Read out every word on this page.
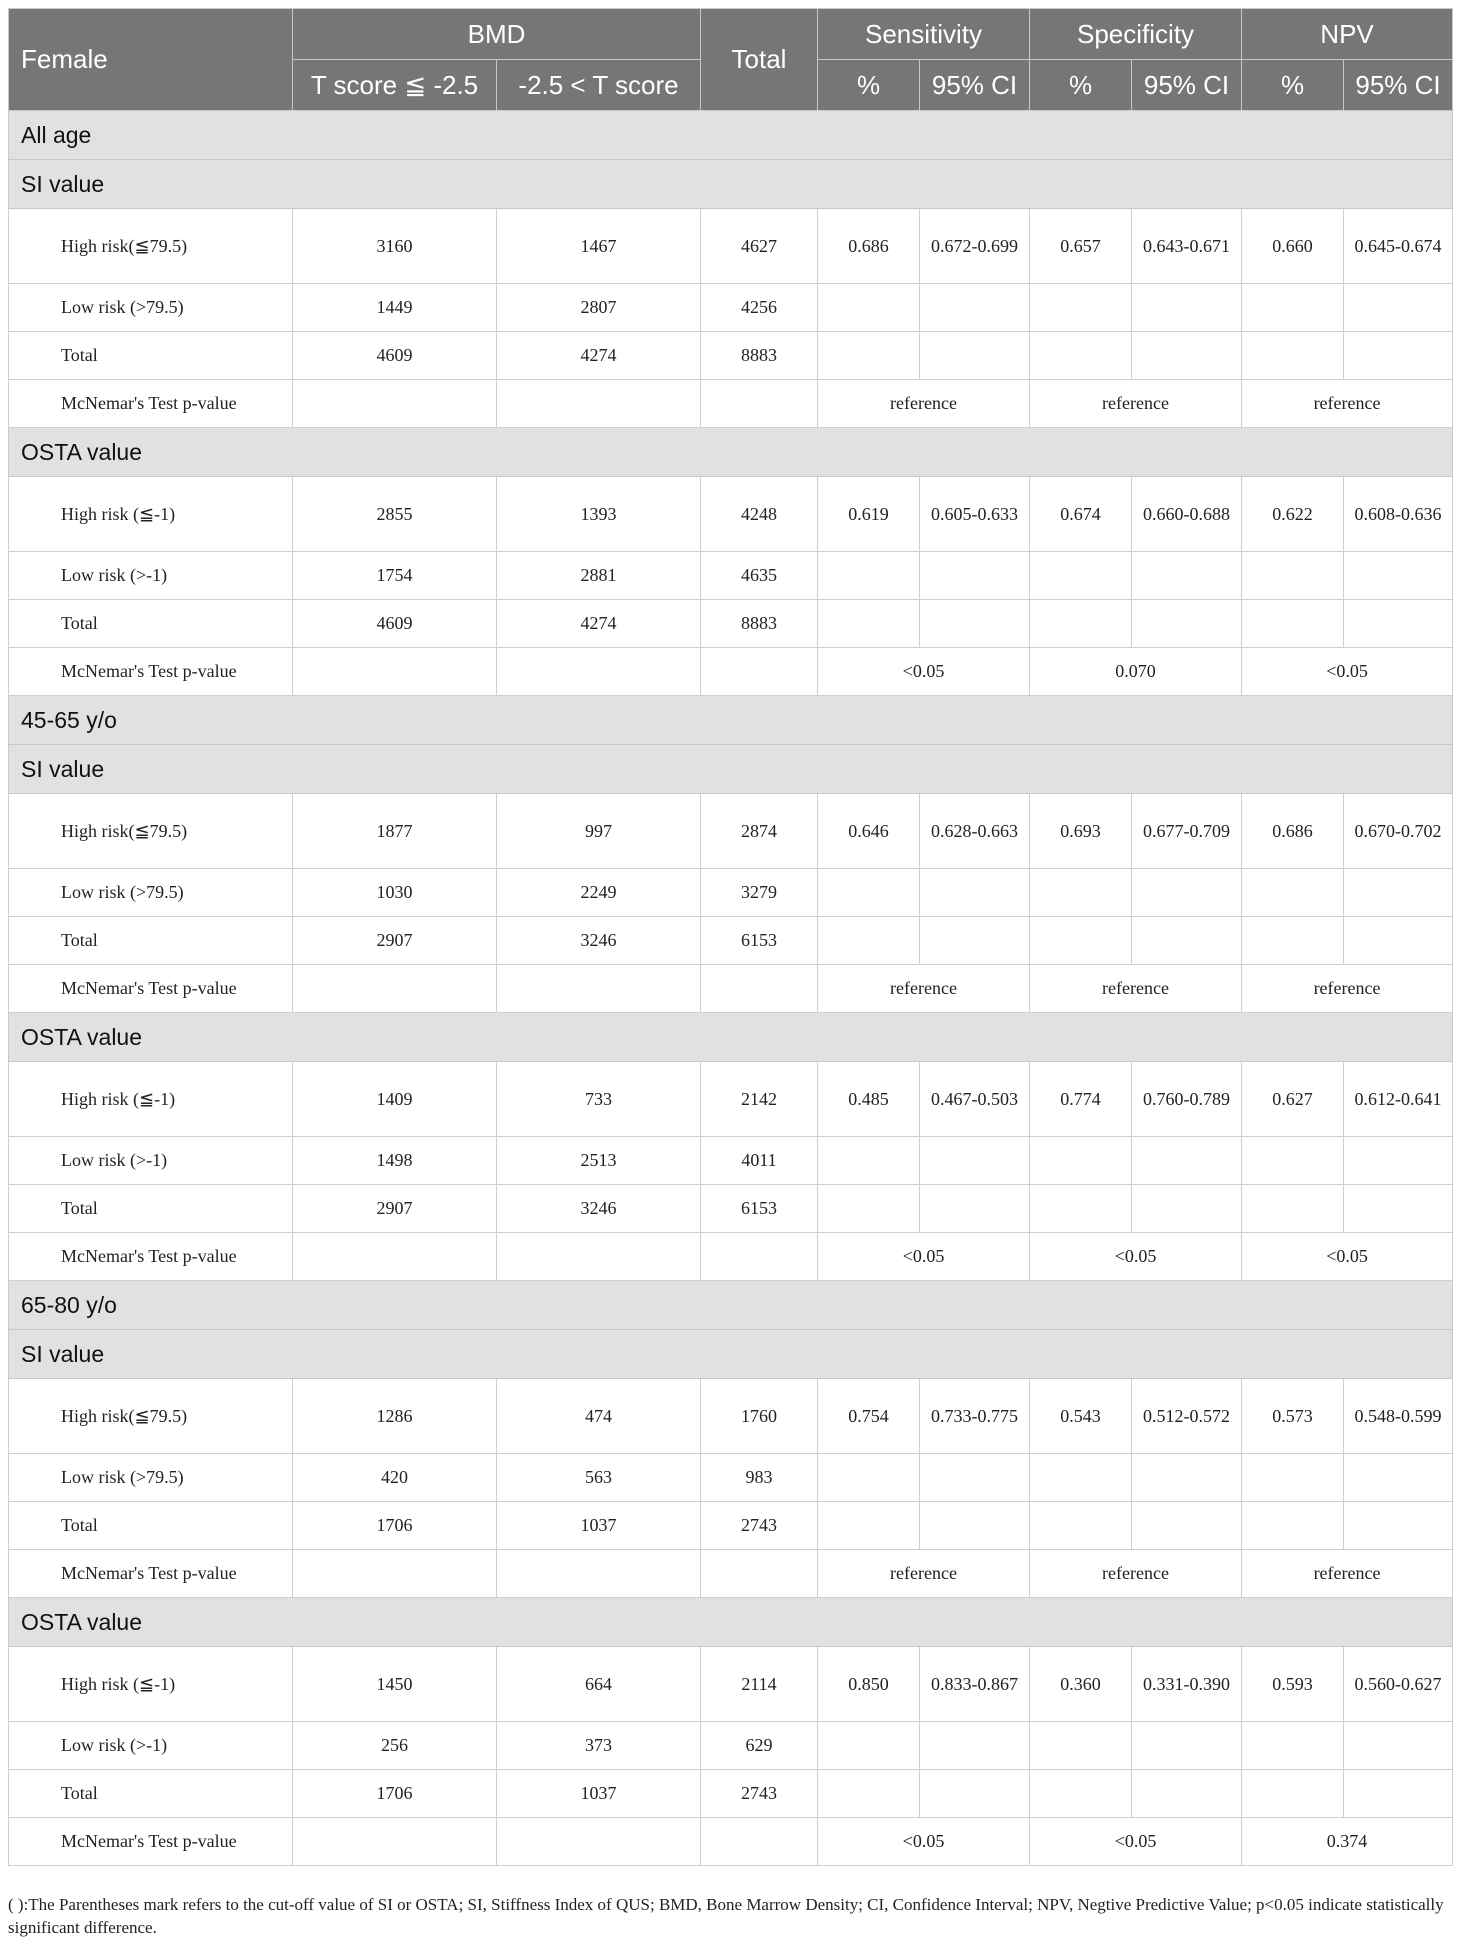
Female	BMD		Total	Sensitivity		Specificity		NPV	
	T score ≦ -2.5	-2.5 < T score		%	95% CI	%	95% CI	%	95% CI
All age									
SI value									
High risk(≦79.5)	3160	1467	4627	0.686	0.672-0.699	0.657	0.643-0.671	0.660	0.645-0.674
Low risk (>79.5)	1449	2807	4256						
Total	4609	4274	8883						
McNemar's Test p-value				reference		reference		reference	
OSTA value									
High risk (≦-1)	2855	1393	4248	0.619	0.605-0.633	0.674	0.660-0.688	0.622	0.608-0.636
Low risk (>-1)	1754	2881	4635						
Total	4609	4274	8883						
McNemar's Test p-value				<0.05		0.070		<0.05	
45-65 y/o									
SI value									
High risk(≦79.5)	1877	997	2874	0.646	0.628-0.663	0.693	0.677-0.709	0.686	0.670-0.702
Low risk (>79.5)	1030	2249	3279						
Total	2907	3246	6153						
McNemar's Test p-value				reference		reference		reference	
OSTA value									
High risk (≦-1)	1409	733	2142	0.485	0.467-0.503	0.774	0.760-0.789	0.627	0.612-0.641
Low risk (>-1)	1498	2513	4011						
Total	2907	3246	6153						
McNemar's Test p-value				<0.05		<0.05		<0.05	
65-80 y/o									
SI value									
High risk(≦79.5)	1286	474	1760	0.754	0.733-0.775	0.543	0.512-0.572	0.573	0.548-0.599
Low risk (>79.5)	420	563	983						
Total	1706	1037	2743						
McNemar's Test p-value				reference		reference		reference	
OSTA value									
High risk (≦-1)	1450	664	2114	0.850	0.833-0.867	0.360	0.331-0.390	0.593	0.560-0.627
Low risk (>-1)	256	373	629						
Total	1706	1037	2743						
McNemar's Test p-value				<0.05		<0.05		0.374	
( ):The Parentheses mark refers to the cut-off value of SI or OSTA; SI, Stiffness Index of QUS; BMD, Bone Marrow Density; CI, Confidence Interval; NPV, Negtive Predictive Value; p<0.05 indicate statistically significant difference.
